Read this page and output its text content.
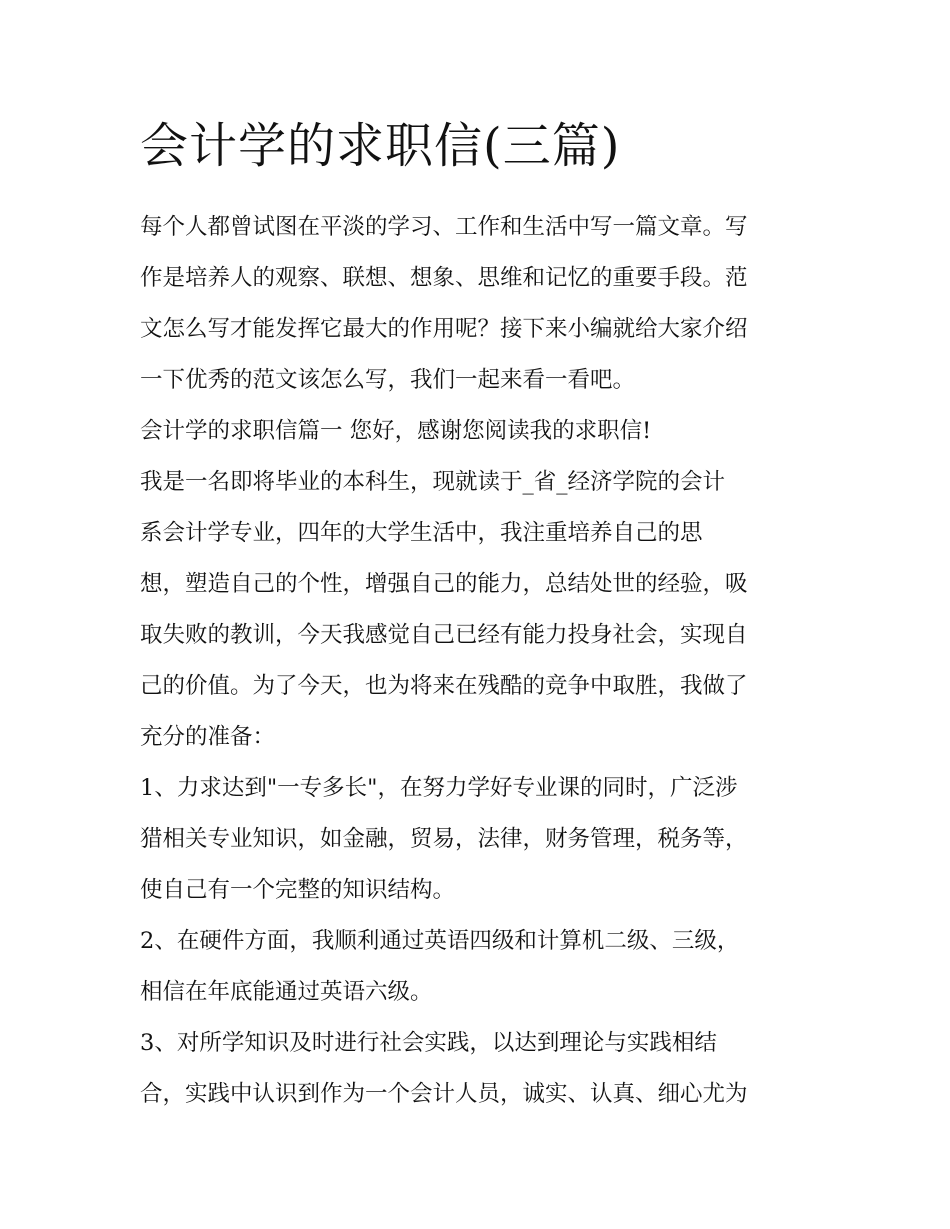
会计学的求职信(三篇)

每个人都曾试图在平淡的学习、工作和生活中写一篇文章。写
作是培养人的观察、联想、想象、思维和记忆的重要手段。范
文怎么写才能发挥它最大的作用呢？接下来小编就给大家介绍
一下优秀的范文该怎么写，我们一起来看一看吧。

会计学的求职信篇一 您好，感谢您阅读我的求职信!

我是一名即将毕业的本科生，现就读于_省_经济学院的会计
系会计学专业，四年的大学生活中，我注重培养自己的思
想，塑造自己的个性，增强自己的能力，总结处世的经验，吸
取失败的教训，今天我感觉自己已经有能力投身社会，实现自
己的价值。为了今天，也为将来在残酷的竞争中取胜，我做了
充分的准备：

1、力求达到"一专多长"，在努力学好专业课的同时，广泛涉
猎相关专业知识，如金融，贸易，法律，财务管理，税务等，
使自己有一个完整的知识结构。

2、在硬件方面，我顺利通过英语四级和计算机二级、三级，
相信在年底能通过英语六级。

3、对所学知识及时进行社会实践，以达到理论与实践相结
合，实践中认识到作为一个会计人员，诚实、认真、细心尤为
